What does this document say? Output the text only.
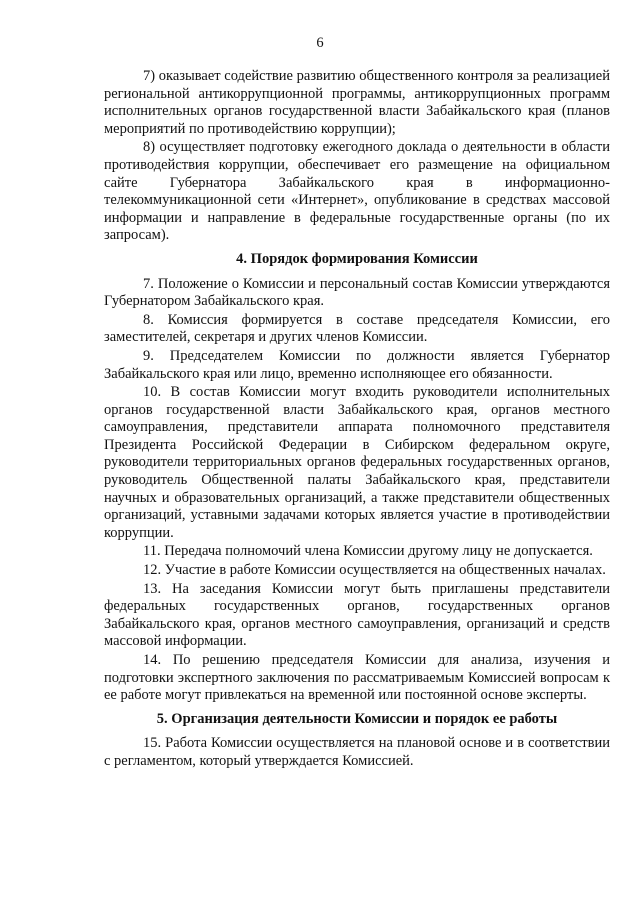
6

7) оказывает содействие развитию общественного контроля за реализацией региональной антикоррупционной программы, антикоррупционных программ исполнительных органов государственной власти Забайкальского края (планов мероприятий по противодействию коррупции);

8) осуществляет подготовку ежегодного доклада о деятельности в области противодействия коррупции, обеспечивает его размещение на официальном сайте Губернатора Забайкальского края в информационно-телекоммуникационной сети «Интернет», опубликование в средствах массовой информации и направление в федеральные государственные органы (по их запросам).

4. Порядок формирования Комиссии

7. Положение о Комиссии и персональный состав Комиссии утверждаются Губернатором Забайкальского края.

8. Комиссия формируется в составе председателя Комиссии, его заместителей, секретаря и других членов Комиссии.

9. Председателем Комиссии по должности является Губернатор Забайкальского края или лицо, временно исполняющее его обязанности.

10. В состав Комиссии могут входить руководители исполнительных органов государственной власти Забайкальского края, органов местного самоуправления, представители аппарата полномочного представителя Президента Российской Федерации в Сибирском федеральном округе, руководители территориальных органов федеральных государственных органов, руководитель Общественной палаты Забайкальского края, представители научных и образовательных организаций, а также представители общественных организаций, уставными задачами которых является участие в противодействии коррупции.

11. Передача полномочий члена Комиссии другому лицу не допускается.

12. Участие в работе Комиссии осуществляется на общественных началах.

13. На заседания Комиссии могут быть приглашены представители федеральных государственных органов, государственных органов Забайкальского края, органов местного самоуправления, организаций и средств массовой информации.

14. По решению председателя Комиссии для анализа, изучения и подготовки экспертного заключения по рассматриваемым Комиссией вопросам к ее работе могут привлекаться на временной или постоянной основе эксперты.

5. Организация деятельности Комиссии и порядок ее работы

15. Работа Комиссии осуществляется на плановой основе и в соответствии с регламентом, который утверждается Комиссией.
